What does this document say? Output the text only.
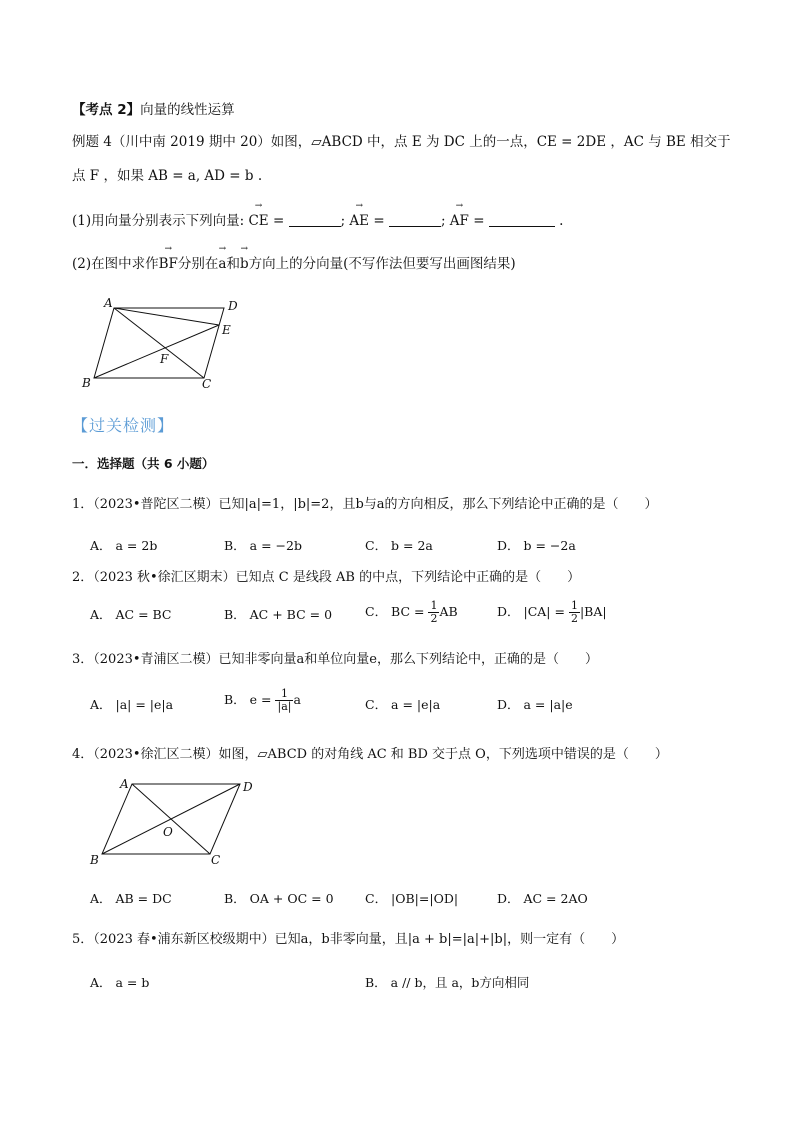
【考点 2】向量的线性运算
例题 4（川中南 2019 期中 20）如图，▱ABCD 中，点 E 为 DC 上的一点，CE = 2DE ，AC 与 BE 相交于
点 F ，如果 AB = a, AD = b .
(1)用向量分别表示下列向量: → CE =	; → AE =	; → AF =	.
(2)在图中求作→ BF分别在→ a和→ b方向上的分向量(不写作法但要写出画图结果)
A	D
E
F
B	C
【过关检测】
一．选择题（共 6 小题）
1．（2023•普陀区二模）已知|a|=1，|b|=2，且b与a的方向相反，那么下列结论中正确的是（　　）
A． a = 2b	B． a = −2b	C． b = 2a	D． b = −2a
2．（2023 秋•徐汇区期末）已知点 C 是线段 AB 的中点，下列结论中正确的是（　　）
A． AC = BC	B． AC + BC = 0	C． BC = $\frac{1}{2}$ AB	D． $|CA| = \frac{1}{2} |BA|$
3．（2023•青浦区二模）已知非零向量a和单位向量e，那么下列结论中，正确的是（　　）
A． |a| = |e|a	B． $e = \frac{1}{|a|}$ a	C． a = |e|a	D． a = |a|e
4．（2023•徐汇区二模）如图，▱ABCD 的对角线 AC 和 BD 交于点 O，下列选项中错误的是（　　）
A	D
O
B	C
A． AB = DC	B． OA + OC = 0	C． |OB|=|OD|	D． AC = 2AO
5．（2023 春•浦东新区校级期中）已知a，b非零向量，且|a + b|=|a|+|b|，则一定有（　　）
A． a = b	B． a // b，且 a，b方向相同
